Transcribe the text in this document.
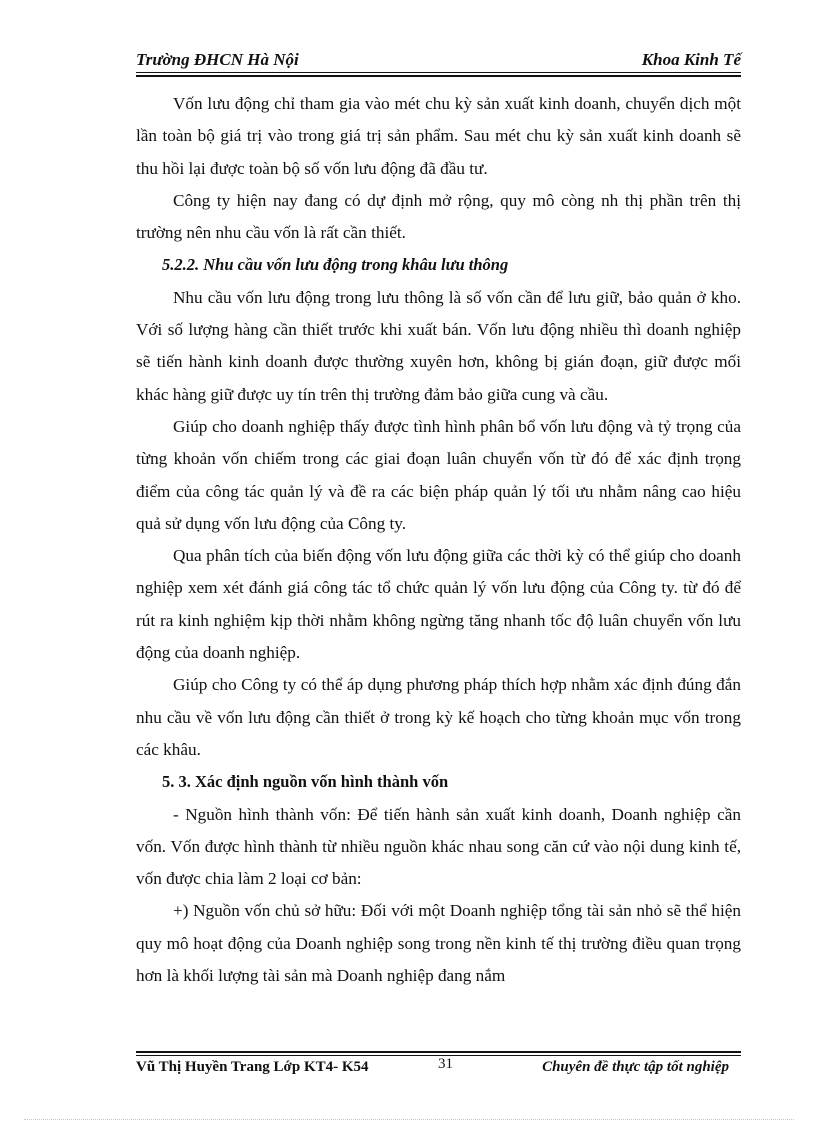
Trường ĐHCN Hà Nội	Khoa Kinh Tế

Vốn lưu động chỉ tham gia vào mét chu kỳ sản xuất kinh doanh, chuyển dịch một lần toàn bộ giá trị vào trong giá trị sản phẩm. Sau mét chu kỳ sản xuất kinh doanh sẽ thu hồi lại được toàn bộ số vốn lưu động đã đầu tư.

Công ty hiện nay đang có dự định mở rộng, quy mô còng nh thị phần trên thị trường nên nhu cầu vốn là rất cần thiết.

5.2.2. Nhu cầu vốn lưu động trong khâu lưu thông

Nhu cầu vốn lưu động trong lưu thông là số vốn cần để lưu giữ, bảo quản ở kho. Với số lượng hàng cần thiết trước khi xuất bán. Vốn lưu động nhiều thì doanh nghiệp sẽ tiến hành kinh doanh được thường xuyên hơn, không bị gián đoạn, giữ được mối khác hàng giữ được uy tín trên thị trường đảm bảo giữa cung và cầu.

Giúp cho doanh nghiệp thấy được tình hình phân bổ vốn lưu động và tỷ trọng của từng khoản vốn chiếm trong các giai đoạn luân chuyển vốn từ đó để xác định trọng điểm của công tác quản lý và đề ra các biện pháp quản lý tối ưu nhằm nâng cao hiệu quả sử dụng vốn lưu động của Công ty.

Qua phân tích của biến động vốn lưu động giữa các thời kỳ có thể giúp cho doanh nghiệp xem xét đánh giá công tác tổ chức quản lý vốn lưu động của Công ty. từ đó để rút ra kinh nghiệm kịp thời nhằm không ngừng tăng nhanh tốc độ luân chuyển vốn lưu động của doanh nghiệp.

Giúp cho Công ty có thể áp dụng phương pháp thích hợp nhằm xác định đúng đắn nhu cầu về vốn lưu động cần thiết ở trong kỳ kế hoạch cho từng khoản mục vốn trong các khâu.

5. 3. Xác định nguồn vốn hình thành vốn

- Nguồn hình thành vốn: Để tiến hành sản xuất kinh doanh, Doanh nghiệp cần vốn. Vốn được hình thành từ nhiều nguồn khác nhau song căn cứ vào nội dung kinh tế, vốn được chia làm 2 loại cơ bản:

+) Nguồn vốn chủ sở hữu: Đối với một Doanh nghiệp tổng tài sản nhỏ sẽ thể hiện quy mô hoạt động của Doanh nghiệp song trong nền kinh tế thị trường điều quan trọng hơn là khối lượng tài sản mà Doanh nghiệp đang nắm

Vũ Thị Huyền Trang Lớp KT4- K54	31	Chuyên đề thực tập tốt nghiệp
